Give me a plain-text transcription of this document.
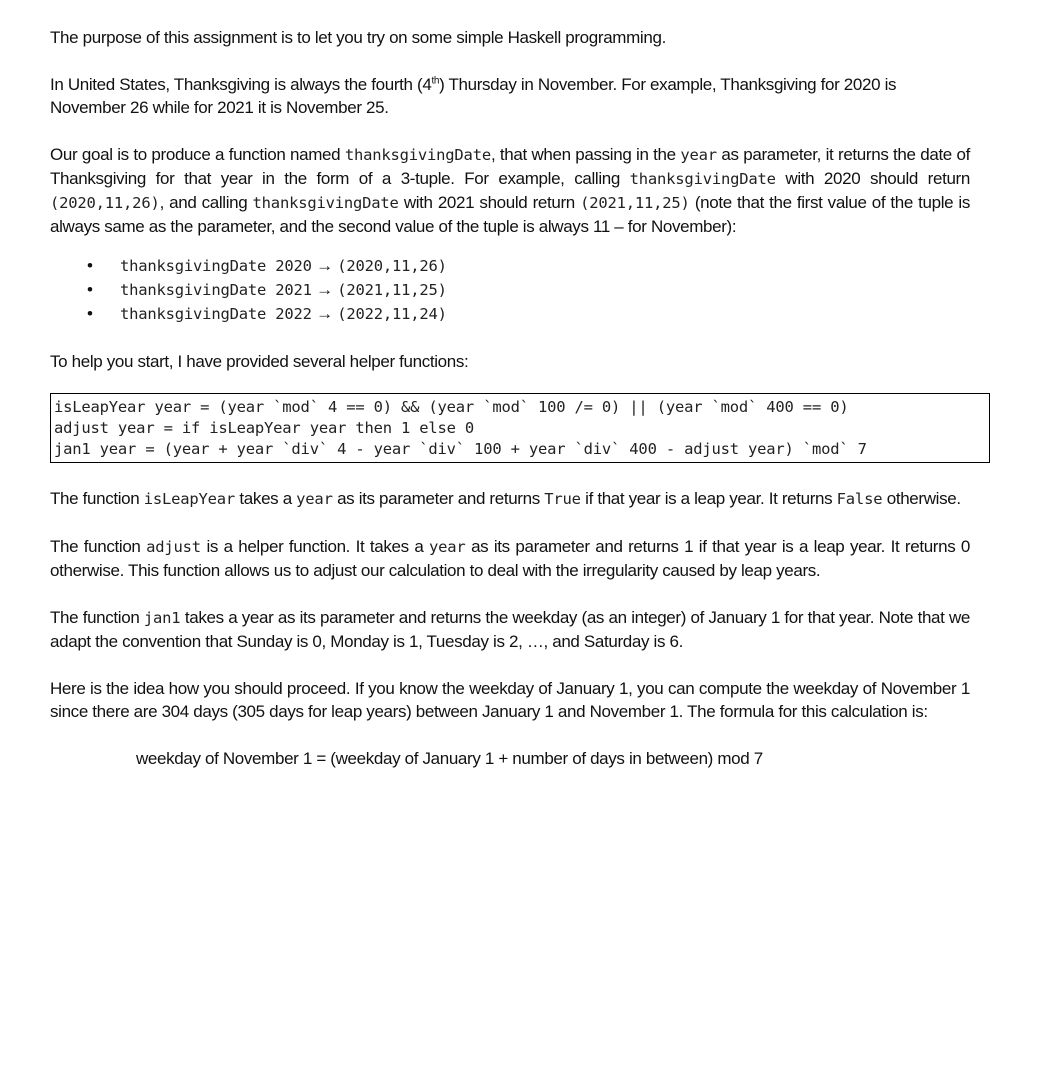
The purpose of this assignment is to let you try on some simple Haskell programming.

In United States, Thanksgiving is always the fourth (4th) Thursday in November. For example, Thanksgiving for 2020 is November 26 while for 2021 it is November 25.

Our goal is to produce a function named thanksgivingDate, that when passing in the year as parameter, it returns the date of Thanksgiving for that year in the form of a 3-tuple. For example, calling thanksgivingDate with 2020 should return (2020,11,26), and calling thanksgivingDate with 2021 should return (2021,11,25) (note that the first value of the tuple is always same as the parameter, and the second value of the tuple is always 11 – for November):

• thanksgivingDate 2020 → (2020,11,26)
• thanksgivingDate 2021 → (2021,11,25)
• thanksgivingDate 2022 → (2022,11,24)

To help you start, I have provided several helper functions:

isLeapYear year = (year `mod` 4 == 0) && (year `mod` 100 /= 0) || (year `mod` 400 == 0)
adjust year = if isLeapYear year then 1 else 0
jan1 year = (year + year `div` 4 - year `div` 100 + year `div` 400 - adjust year) `mod` 7

The function isLeapYear takes a year as its parameter and returns True if that year is a leap year. It returns False otherwise.

The function adjust is a helper function. It takes a year as its parameter and returns 1 if that year is a leap year. It returns 0 otherwise. This function allows us to adjust our calculation to deal with the irregularity caused by leap years.

The function jan1 takes a year as its parameter and returns the weekday (as an integer) of January 1 for that year. Note that we adapt the convention that Sunday is 0, Monday is 1, Tuesday is 2, …, and Saturday is 6.

Here is the idea how you should proceed. If you know the weekday of January 1, you can compute the weekday of November 1 since there are 304 days (305 days for leap years) between January 1 and November 1. The formula for this calculation is:

weekday of November 1 = (weekday of January 1 + number of days in between) mod 7
